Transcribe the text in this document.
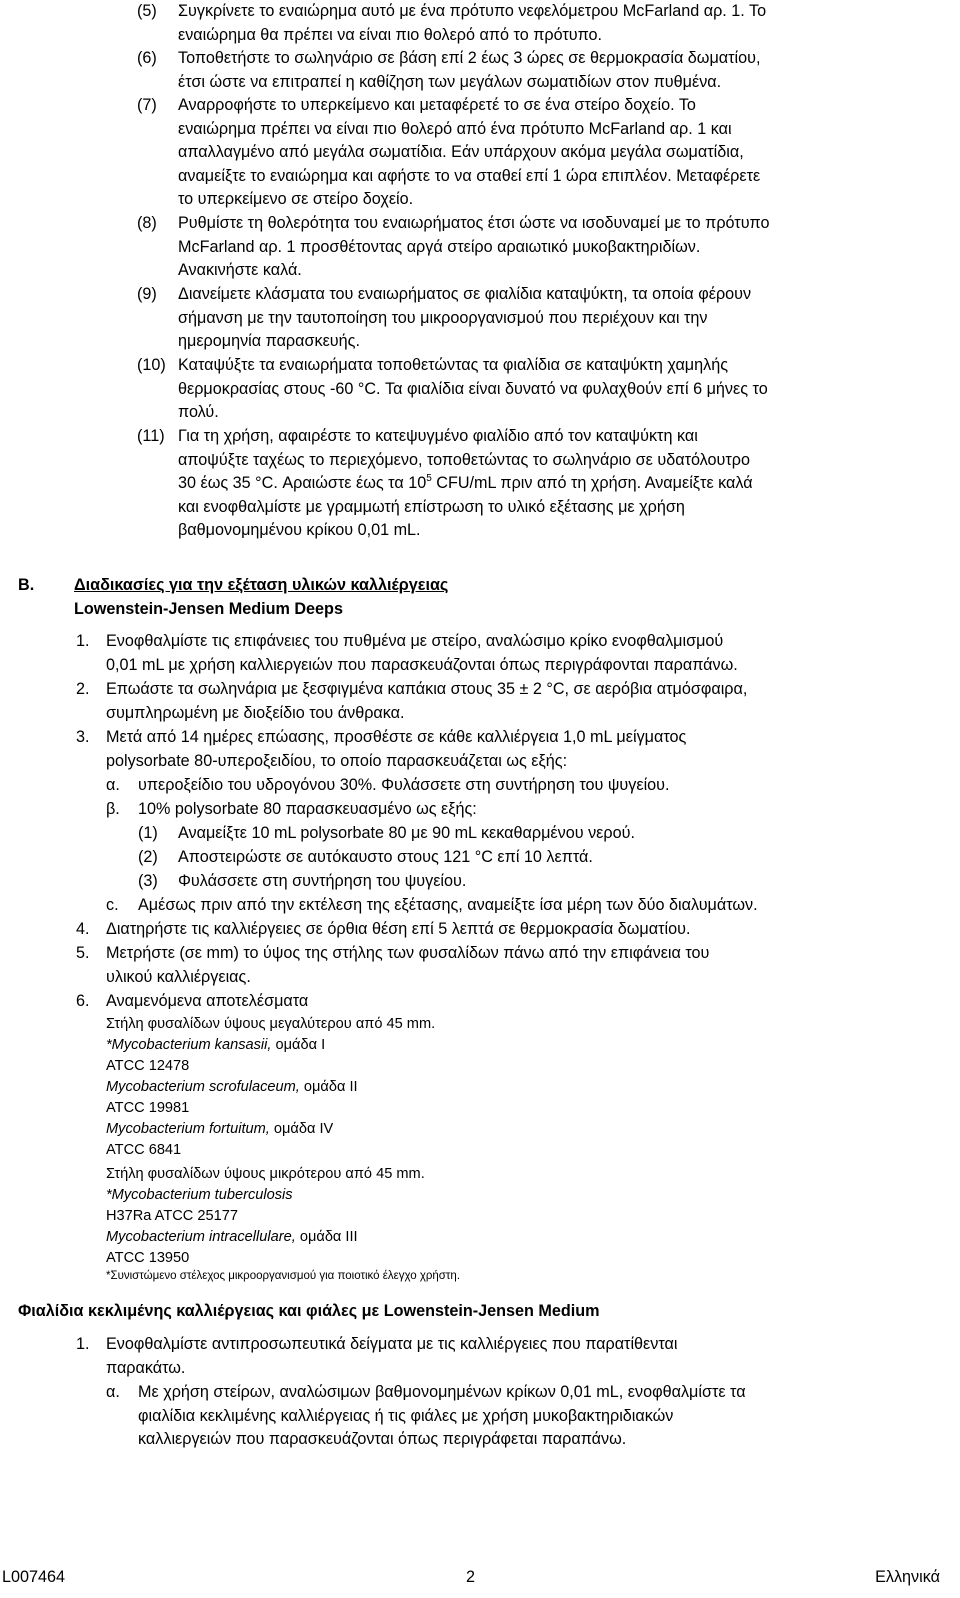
(5) Συγκρίνετε το εναιώρημα αυτό με ένα πρότυπο νεφελόμετρου McFarland αρ. 1. Το
εναιώρημα θα πρέπει να είναι πιο θολερό από το πρότυπο.
(6) Τοποθετήστε το σωληνάριο σε βάση επί 2 έως 3 ώρες σε θερμοκρασία δωματίου,
έτσι ώστε να επιτραπεί η καθίζηση των μεγάλων σωματιδίων στον πυθμένα.
(7) Αναρροφήστε το υπερκείμενο και μεταφέρετέ το σε ένα στείρο δοχείο. Το
εναιώρημα πρέπει να είναι πιο θολερό από ένα πρότυπο McFarland αρ. 1 και
απαλλαγμένο από μεγάλα σωματίδια. Εάν υπάρχουν ακόμα μεγάλα σωματίδια,
αναμείξτε το εναιώρημα και αφήστε το να σταθεί επί 1 ώρα επιπλέον. Μεταφέρετε
το υπερκείμενο σε στείρο δοχείο.
(8) Ρυθμίστε τη θολερότητα του εναιωρήματος έτσι ώστε να ισοδυναμεί με το πρότυπο
McFarland αρ. 1 προσθέτοντας αργά στείρο αραιωτικό μυκοβακτηριδίων.
Ανακινήστε καλά.
(9) Διανείμετε κλάσματα του εναιωρήματος σε φιαλίδια καταψύκτη, τα οποία φέρουν
σήμανση με την ταυτοποίηση του μικροοργανισμού που περιέχουν και την
ημερομηνία παρασκευής.
(10) Καταψύξτε τα εναιωρήματα τοποθετώντας τα φιαλίδια σε καταψύκτη χαμηλής
θερμοκρασίας στους -60 °C. Τα φιαλίδια είναι δυνατό να φυλαχθούν επί 6 μήνες το
πολύ.
(11) Για τη χρήση, αφαιρέστε το κατεψυγμένο φιαλίδιο από τον καταψύκτη και
αποψύξτε ταχέως το περιεχόμενο, τοποθετώντας το σωληνάριο σε υδατόλουτρο
30 έως 35 °C. Αραιώστε έως τα $10^5$ CFU/mL πριν από τη χρήση. Αναμείξτε καλά
και ενοφθαλμίστε με γραμμωτή επίστρωση το υλικό εξέτασης με χρήση
βαθμονομημένου κρίκου 0,01 mL.
B. Διαδικασίες για την εξέταση υλικών καλλιέργειας
Lowenstein-Jensen Medium Deeps
1. Ενοφθαλμίστε τις επιφάνειες του πυθμένα με στείρο, αναλώσιμο κρίκο ενοφθαλμισμού
0,01 mL με χρήση καλλιεργειών που παρασκευάζονται όπως περιγράφονται παραπάνω.
2. Επωάστε τα σωληνάρια με ξεσφιγμένα καπάκια στους 35 ± 2 °C, σε αερόβια ατμόσφαιρα,
συμπληρωμένη με διοξείδιο του άνθρακα.
3. Μετά από 14 ημέρες επώασης, προσθέστε σε κάθε καλλιέργεια 1,0 mL μείγματος
polysorbate 80-υπεροξειδίου, το οποίο παρασκευάζεται ως εξής:
α. υπεροξείδιο του υδρογόνου 30%. Φυλάσσετε στη συντήρηση του ψυγείου.
β. 10% polysorbate 80 παρασκευασμένο ως εξής:
(1) Αναμείξτε 10 mL polysorbate 80 με 90 mL κεκαθαρμένου νερού.
(2) Αποστειρώστε σε αυτόκαυστο στους 121 °C επί 10 λεπτά.
(3) Φυλάσσετε στη συντήρηση του ψυγείου.
c. Αμέσως πριν από την εκτέλεση της εξέτασης, αναμείξτε ίσα μέρη των δύο διαλυμάτων.
4. Διατηρήστε τις καλλιέργειες σε όρθια θέση επί 5 λεπτά σε θερμοκρασία δωματίου.
5. Μετρήστε (σε mm) το ύψος της στήλης των φυσαλίδων πάνω από την επιφάνεια του
υλικού καλλιέργειας.
6. Αναμενόμενα αποτελέσματα
Στήλη φυσαλίδων ύψους μεγαλύτερου από 45 mm.
*Mycobacterium kansasii, ομάδα I
ATCC 12478
Mycobacterium scrofulaceum, ομάδα II
ATCC 19981
Mycobacterium fortuitum, ομάδα IV
ATCC 6841
Στήλη φυσαλίδων ύψους μικρότερου από 45 mm.
*Mycobacterium tuberculosis
H37Ra ATCC 25177
Mycobacterium intracellulare, ομάδα III
ATCC 13950
*Συνιστώμενο στέλεχος μικροοργανισμού για ποιοτικό έλεγχο χρήστη.
Φιαλίδια κεκλιμένης καλλιέργειας και φιάλες με Lowenstein-Jensen Medium
1. Ενοφθαλμίστε αντιπροσωπευτικά δείγματα με τις καλλιέργειες που παρατίθενται
παρακάτω.
α. Με χρήση στείρων, αναλώσιμων βαθμονομημένων κρίκων 0,01 mL, ενοφθαλμίστε τα
φιαλίδια κεκλιμένης καλλιέργειας ή τις φιάλες με χρήση μυκοβακτηριδιακών
καλλιεργειών που παρασκευάζονται όπως περιγράφεται παραπάνω.
L007464	2	Ελληνικά
